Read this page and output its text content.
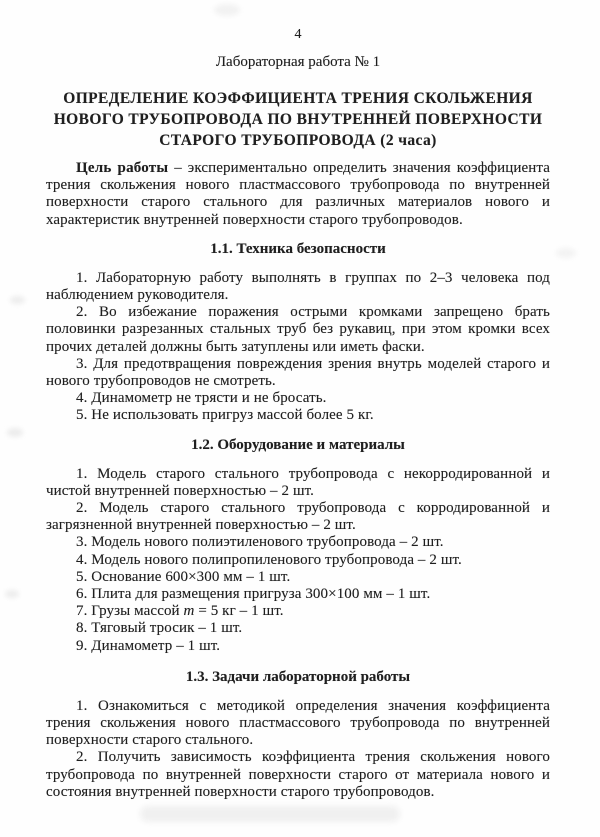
4
Лабораторная работа № 1
ОПРЕДЕЛЕНИЕ КОЭФФИЦИЕНТА ТРЕНИЯ СКОЛЬЖЕНИЯ
НОВОГО ТРУБОПРОВОДА ПО ВНУТРЕННЕЙ ПОВЕРХНОСТИ
СТАРОГО ТРУБОПРОВОДА (2 часа)

Цель работы – экспериментально определить значения коэффициента трения скольжения нового пластмассового трубопровода по внутренней поверхности старого стального для различных материалов нового и характеристик внутренней поверхности старого трубопроводов.

1.1. Техника безопасности

1. Лабораторную работу выполнять в группах по 2–3 человека под наблюдением руководителя.

2. Во избежание поражения острыми кромками запрещено брать половинки разрезанных стальных труб без рукавиц, при этом кромки всех прочих деталей должны быть затуплены или иметь фаски.

3. Для предотвращения повреждения зрения внутрь моделей старого и нового трубопроводов не смотреть.

4. Динамометр не трясти и не бросать.

5. Не использовать пригруз массой более 5 кг.

1.2. Оборудование и материалы

1. Модель старого стального трубопровода с некорродированной и чистой внутренней поверхностью – 2 шт.

2. Модель старого стального трубопровода с корродированной и загрязненной внутренней поверхностью – 2 шт.

3. Модель нового полиэтиленового трубопровода – 2 шт.

4. Модель нового полипропиленового трубопровода – 2 шт.

5. Основание 600×300 мм – 1 шт.

6. Плита для размещения пригруза 300×100 мм – 1 шт.

7. Грузы массой m = 5 кг – 1 шт.

8. Тяговый тросик – 1 шт.

9. Динамометр – 1 шт.

1.3. Задачи лабораторной работы

1. Ознакомиться с методикой определения значения коэффициента трения скольжения нового пластмассового трубопровода по внутренней поверхности старого стального.

2. Получить зависимость коэффициента трения скольжения нового трубопровода по внутренней поверхности старого от материала нового и состояния внутренней поверхности старого трубопроводов.
